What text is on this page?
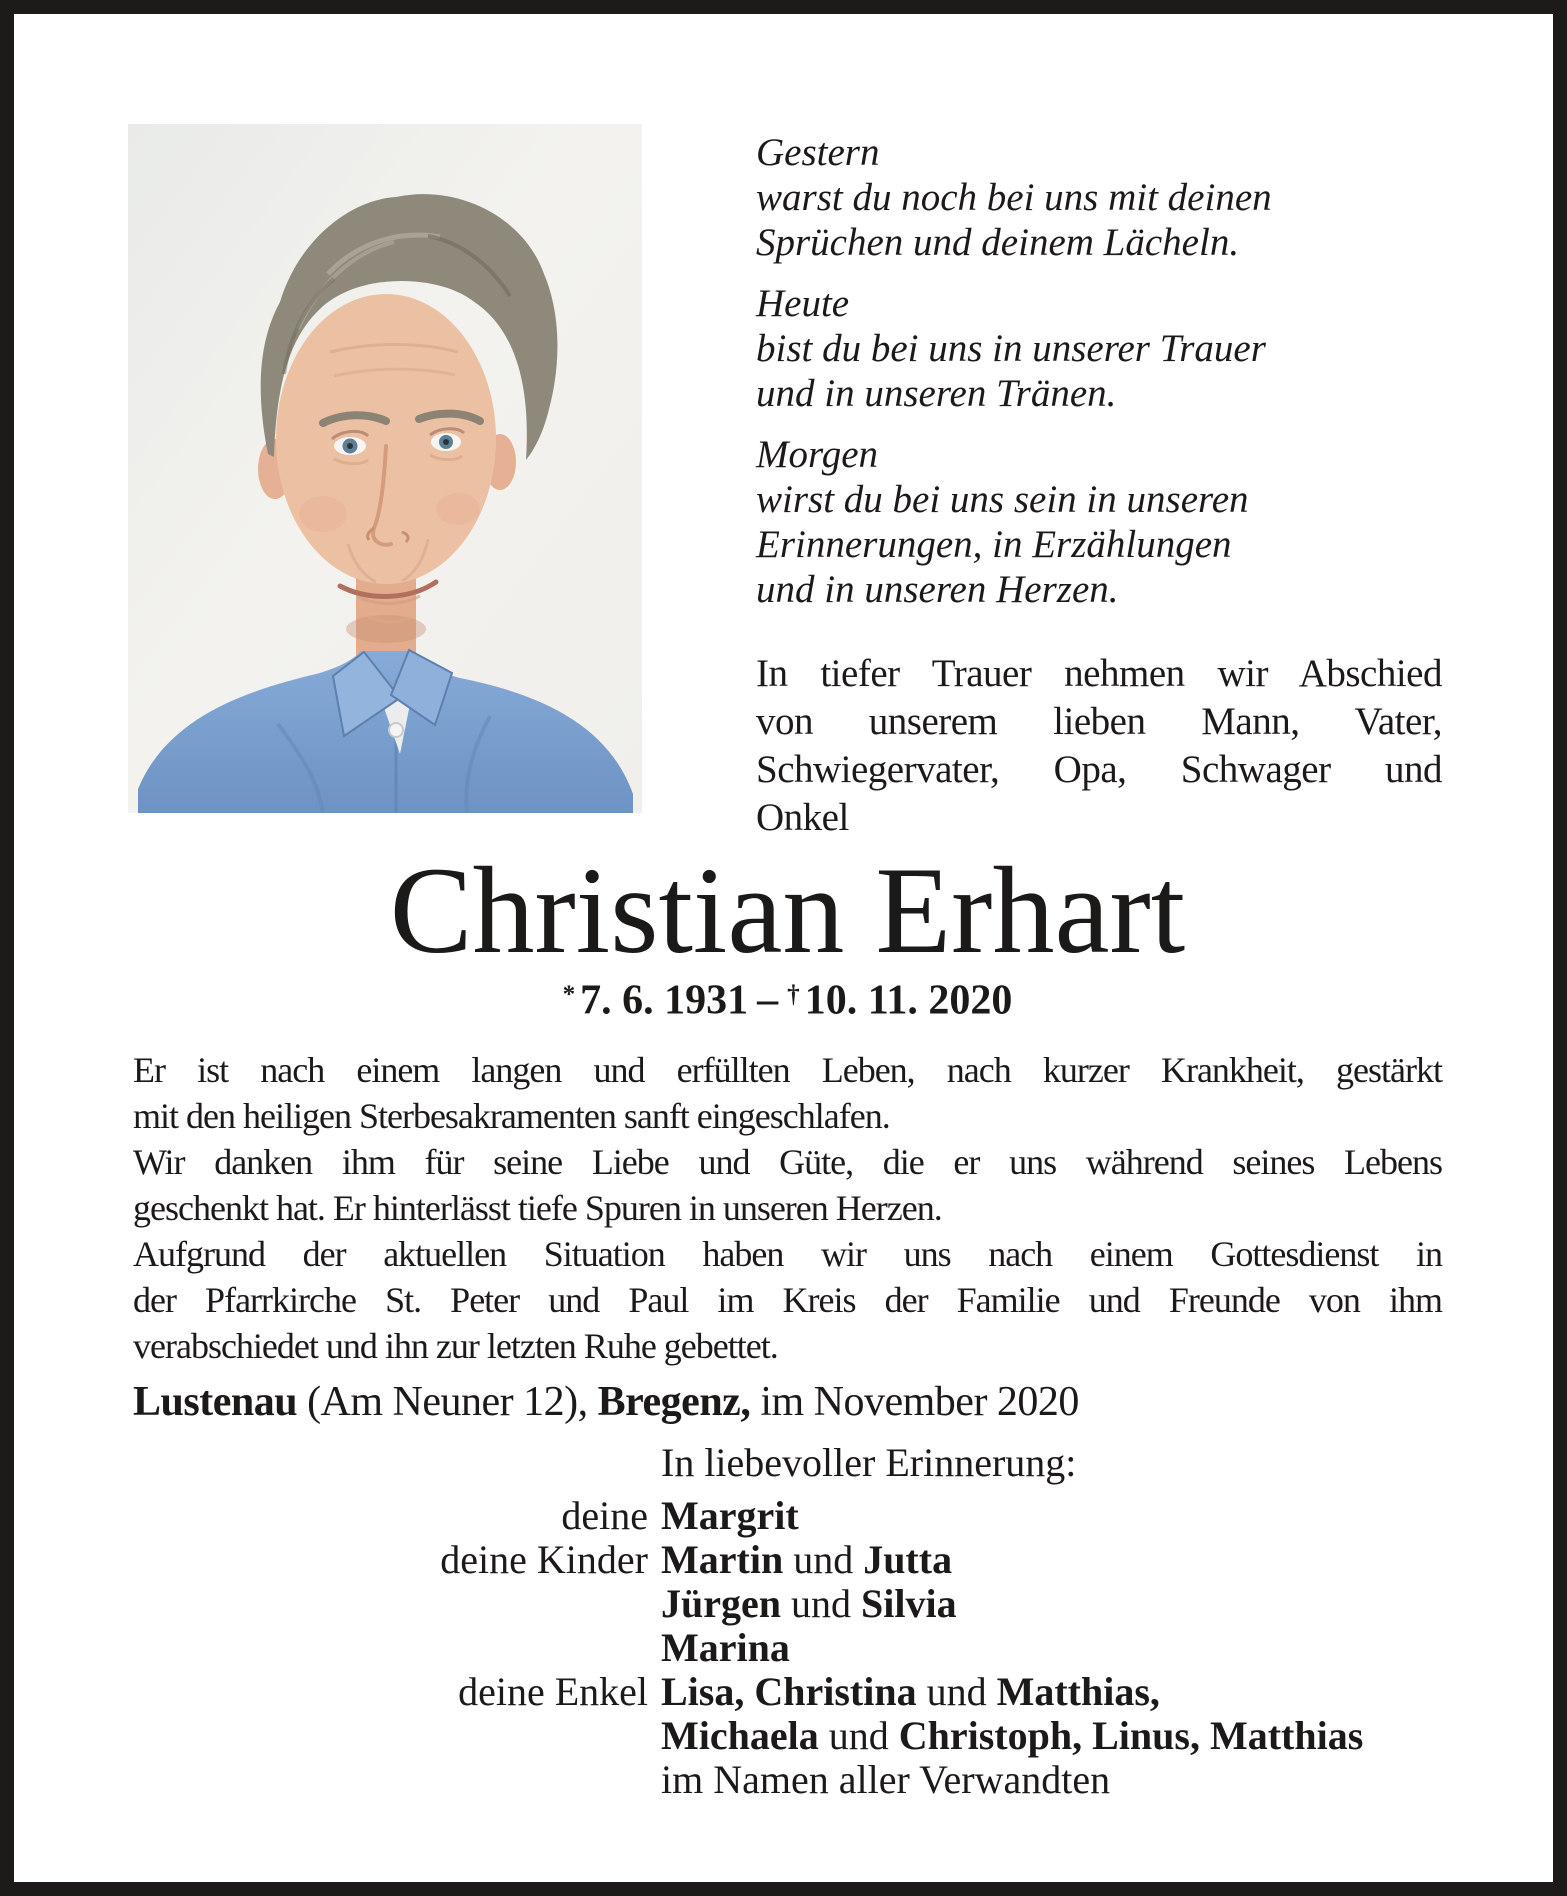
Gestern
warst du noch bei uns mit deinen
Sprüchen und deinem Lächeln.
Heute
bist du bei uns in unserer Trauer
und in unseren Tränen.
Morgen
wirst du bei uns sein in unseren
Erinnerungen, in Erzählungen
und in unseren Herzen.
In tiefer Trauer nehmen wir Abschied
von unserem lieben Mann, Vater,
Schwiegervater, Opa, Schwager und
Onkel
Christian Erhart
* 7. 6. 1931 – † 10. 11. 2020
Er ist nach einem langen und erfüllten Leben, nach kurzer Krankheit, gestärkt
mit den heiligen Sterbesakramenten sanft eingeschlafen.
Wir danken ihm für seine Liebe und Güte, die er uns während seines Lebens
geschenkt hat. Er hinterlässt tiefe Spuren in unseren Herzen.
Aufgrund der aktuellen Situation haben wir uns nach einem Gottesdienst in
der Pfarrkirche St. Peter und Paul im Kreis der Familie und Freunde von ihm
verabschiedet und ihn zur letzten Ruhe gebettet.
Lustenau (Am Neuner 12), Bregenz, im November 2020
In liebevoller Erinnerung:
deine Margrit
deine Kinder Martin und Jutta
Jürgen und Silvia
Marina
deine Enkel Lisa, Christina und Matthias,
Michaela und Christoph, Linus, Matthias
im Namen aller Verwandten
